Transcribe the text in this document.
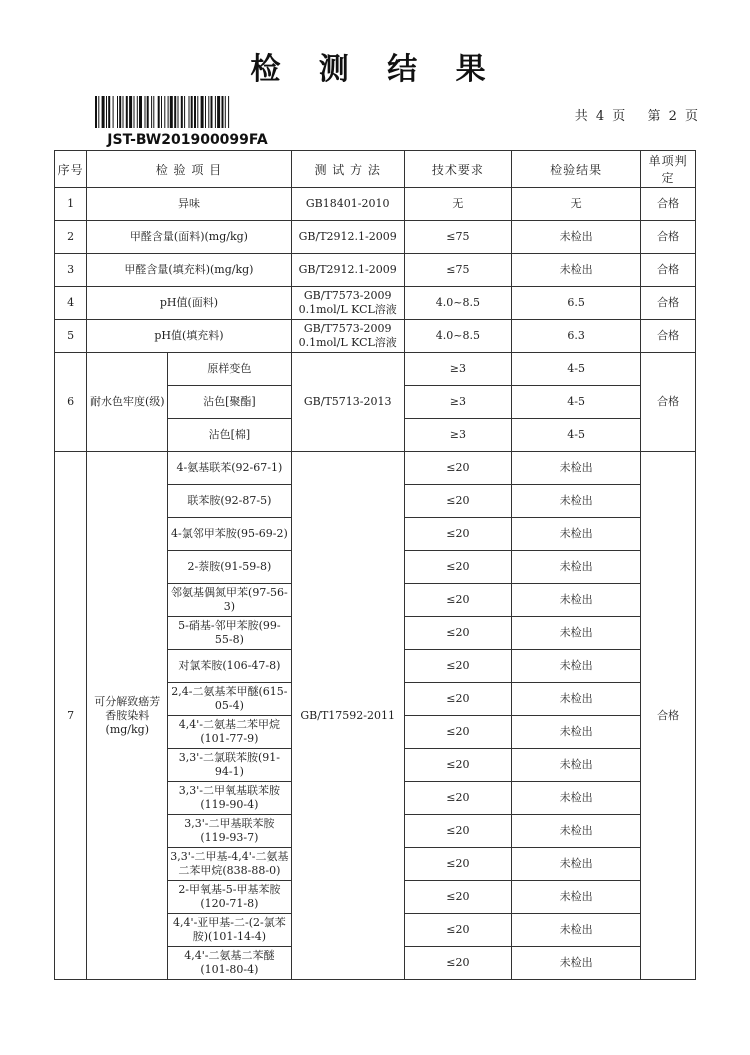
检 测 结 果
JST-BW201900099FA
共 4 页 第 2 页
序号	检 验 项 目		测 试 方 法	技术要求	检验结果	单项判定
1	异味		GB18401-2010	无	无	合格
2	甲醛含量(面料)(mg/kg)		GB/T2912.1-2009	≤75	未检出	合格
3	甲醛含量(填充料)(mg/kg)		GB/T2912.1-2009	≤75	未检出	合格
4	pH值(面料)		GB/T7573-2009 0.1mol/L KCL溶液	4.0~8.5	6.5	合格
5	pH值(填充料)		GB/T7573-2009 0.1mol/L KCL溶液	4.0~8.5	6.3	合格
6	耐水色牢度(级)	原样变色	GB/T5713-2013	≥3	4-5	合格
		沾色[聚酯]		≥3	4-5	
		沾色[棉]		≥3	4-5	
7	可分解致癌芳香胺染料(mg/kg)	4-氨基联苯(92-67-1)	GB/T17592-2011	≤20	未检出	合格
		联苯胺(92-87-5)		≤20	未检出	
		4-氯邻甲苯胺(95-69-2)		≤20	未检出	
		2-萘胺(91-59-8)		≤20	未检出	
		邻氨基偶氮甲苯(97-56-3)		≤20	未检出	
		5-硝基-邻甲苯胺(99-55-8)		≤20	未检出	
		对氯苯胺(106-47-8)		≤20	未检出	
		2,4-二氨基苯甲醚(615-05-4)		≤20	未检出	
		4,4'-二氨基二苯甲烷(101-77-9)		≤20	未检出	
		3,3'-二氯联苯胺(91-94-1)		≤20	未检出	
		3,3'-二甲氧基联苯胺(119-90-4)		≤20	未检出	
		3,3'-二甲基联苯胺(119-93-7)		≤20	未检出	
		3,3'-二甲基-4,4'-二氨基二苯甲烷(838-88-0)		≤20	未检出	
		2-甲氧基-5-甲基苯胺(120-71-8)		≤20	未检出	
		4,4'-亚甲基-二-(2-氯苯胺)(101-14-4)		≤20	未检出	
		4,4'-二氨基二苯醚(101-80-4)		≤20	未检出	
